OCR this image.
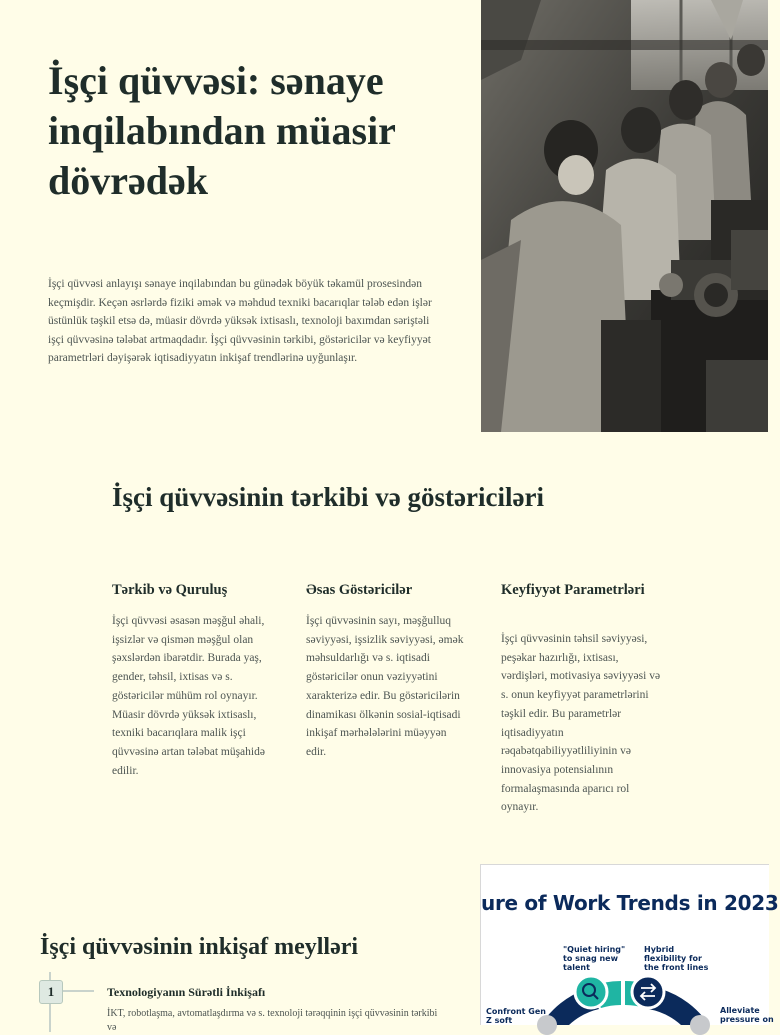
İşçi qüvvəsi: sənaye inqilabından müasir dövrədək

İşçi qüvvəsi anlayışı sənaye inqilabından bu günədək böyük təkamül prosesindən keçmişdir. Keçən əsrlərdə fiziki əmək və məhdud texniki bacarıqlar tələb edən işlər üstünlük təşkil etsə də, müasir dövrdə yüksək ixtisaslı, texnoloji baxımdan səriştəli işçi qüvvəsinə tələbat artmaqdadır. İşçi qüvvəsinin tərkibi, göstəricilər və keyfiyyət parametrləri dəyişərək iqtisadiyyatın inkişaf trendlərinə uyğunlaşır.

İşçi qüvvəsinin tərkibi və göstəriciləri
Tərkib və Quruluş

İşçi qüvvəsi əsasən məşğul əhali, işsizlər və qismən məşğul olan şəxslərdən ibarətdir. Burada yaş, gender, təhsil, ixtisas və s. göstəricilər mühüm rol oynayır. Müasir dövrdə yüksək ixtisaslı, texniki bacarıqlara malik işçi qüvvəsinə artan tələbat müşahidə edilir.

Əsas Göstəricilər

İşçi qüvvəsinin sayı, məşğulluq səviyyəsi, işsizlik səviyyəsi, əmək məhsuldarlığı və s. iqtisadi göstəricilər onun vəziyyətini xarakterizə edir. Bu göstəricilərin dinamikası ölkənin sosial-iqtisadi inkişaf mərhələlərini müəyyən edir.

Keyfiyyət Parametrləri

İşçi qüvvəsinin təhsil səviyyəsi, peşəkar hazırlığı, ixtisası, vərdişləri, motivasiya səviyyəsi və s. onun keyfiyyət parametrlərini təşkil edir. Bu parametrlər iqtisadiyyatın rəqabətqabiliyyətliliyinin və innovasiya potensialının formalaşmasında aparıcı rol oynayır.

İşçi qüvvəsinin inkişaf meylləri
1	Texnologiyanın Sürətli İnkişafı

İKT, robotlaşma, avtomatlaşdırma və s. texnoloji tərəqqinin işçi qüvvəsinin tərkibi və

ure of Work Trends in 2023
"Quiet hiring" to snag new talent
Hybrid flexibility for the front lines
Confront Gen Z soft
Alleviate pressure on
